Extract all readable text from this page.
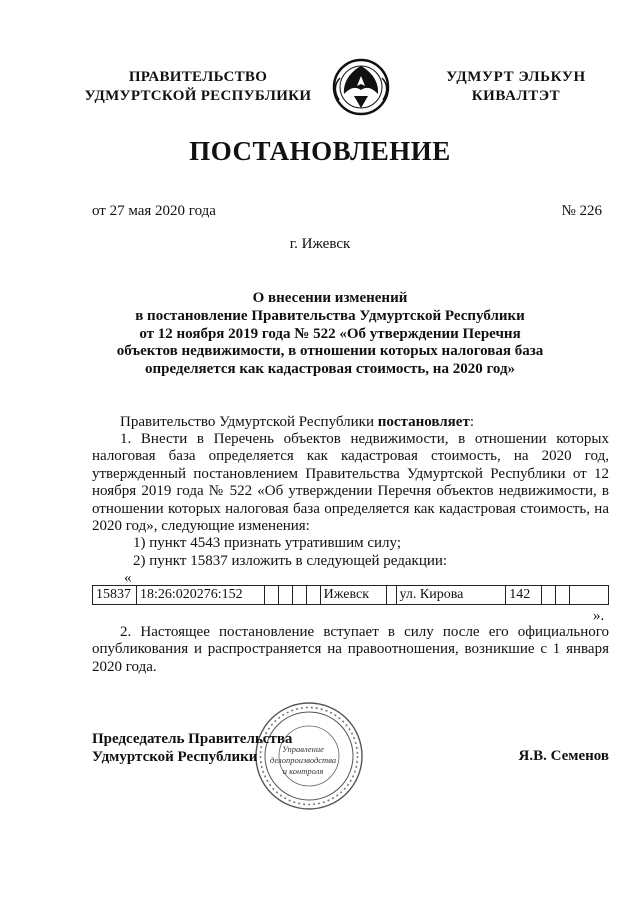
ПРАВИТЕЛЬСТВО
УДМУРТСКОЙ РЕСПУБЛИКИ
УДМУРТ ЭЛЬКУН
КИВАЛТЭТ
ПОСТАНОВЛЕНИЕ
от 27 мая 2020 года	№ 226
г. Ижевск
О внесении изменений
в постановление Правительства Удмуртской Республики
от 12 ноября 2019 года № 522 «Об утверждении Перечня
объектов недвижимости, в отношении которых налоговая база
определяется как кадастровая стоимость, на 2020 год»
Правительство Удмуртской Республики постановляет:
1. Внести в Перечень объектов недвижимости, в отношении которых налоговая база определяется как кадастровая стоимость, на 2020 год, утвержденный постановлением Правительства Удмуртской Республики от 12 ноября 2019 года № 522 «Об утверждении Перечня объектов недвижимости, в отношении которых налоговая база определяется как кадастровая стоимость, на 2020 год», следующие изменения:
1) пункт 4543 признать утратившим силу;
2) пункт 15837 изложить в следующей редакции:
«
15837	18:26:020276:152					Ижевск		ул. Кирова	142			
».
2. Настоящее постановление вступает в силу после его официального опубликования и распространяется на правоотношения, возникшие с 1 января 2020 года.
Управление
делопроизводства
и контроля
Председатель Правительства
Удмуртской Республики	Я.В. Семенов
